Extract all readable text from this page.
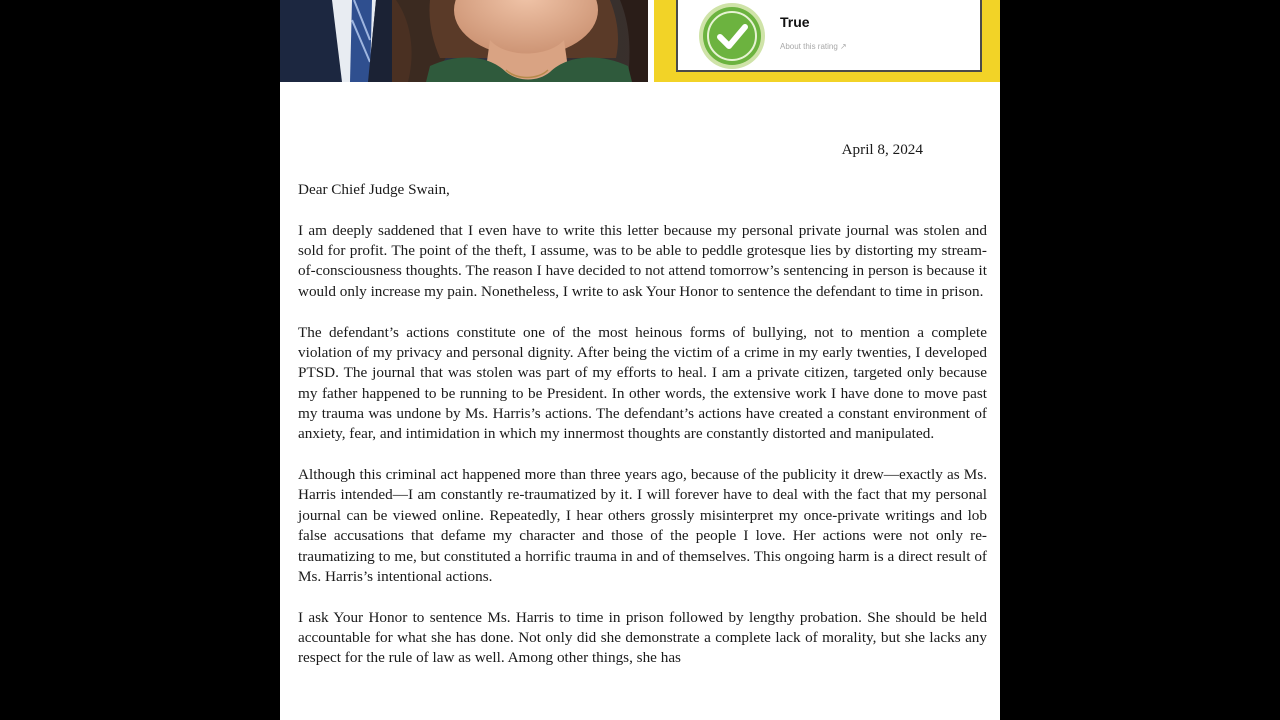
True
About this rating ↗
April 8, 2024
Dear Chief Judge Swain,

I am deeply saddened that I even have to write this letter because my personal private journal was stolen and sold for profit. The point of the theft, I assume, was to be able to peddle grotesque lies by distorting my stream-of-consciousness thoughts. The reason I have decided to not attend tomorrow’s sentencing in person is because it would only increase my pain. Nonetheless, I write to ask Your Honor to sentence the defendant to time in prison.

The defendant’s actions constitute one of the most heinous forms of bullying, not to mention a complete violation of my privacy and personal dignity. After being the victim of a crime in my early twenties, I developed PTSD. The journal that was stolen was part of my efforts to heal. I am a private citizen, targeted only because my father happened to be running to be President. In other words, the extensive work I have done to move past my trauma was undone by Ms. Harris’s actions. The defendant’s actions have created a constant environment of anxiety, fear, and intimidation in which my innermost thoughts are constantly distorted and manipulated.

Although this criminal act happened more than three years ago, because of the publicity it drew—exactly as Ms. Harris intended—I am constantly re-traumatized by it. I will forever have to deal with the fact that my personal journal can be viewed online. Repeatedly, I hear others grossly misinterpret my once-private writings and lob false accusations that defame my character and those of the people I love. Her actions were not only re-traumatizing to me, but constituted a horrific trauma in and of themselves. This ongoing harm is a direct result of Ms. Harris’s intentional actions.

I ask Your Honor to sentence Ms. Harris to time in prison followed by lengthy probation. She should be held accountable for what she has done. Not only did she demonstrate a complete lack of morality, but she lacks any respect for the rule of law as well. Among other things, she has
